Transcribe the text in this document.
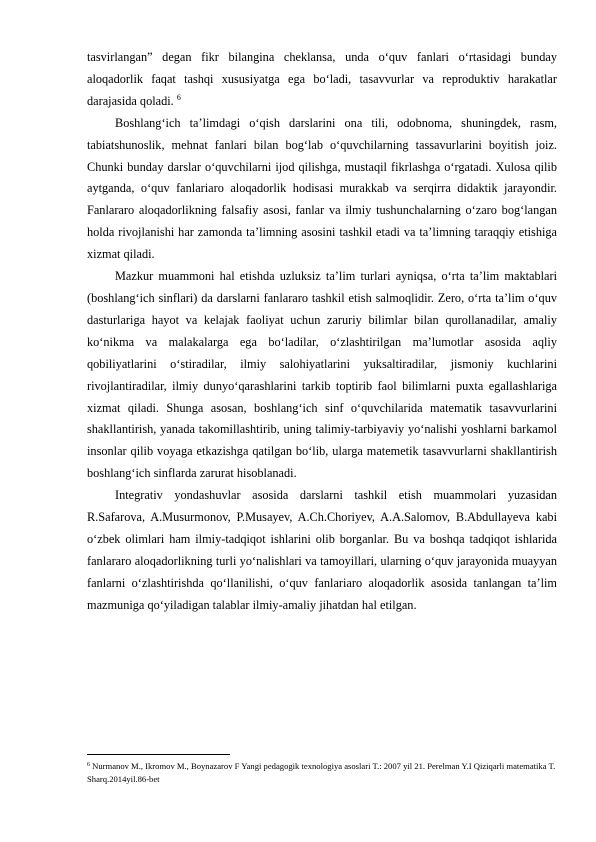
tasvirlangan” degan fikr bilangina cheklansa, unda o‘quv fanlari o‘rtasidagi bunday aloqadorlik faqat tashqi xususiyatga ega bo‘ladi, tasavvurlar va reproduktiv harakatlar darajasida qoladi. $^6$

Boshlang‘ich ta’limdagi o‘qish darslarini ona tili, odobnoma, shuningdek, rasm, tabiatshunoslik, mehnat fanlari bilan bog‘lab o‘quvchilarning tassavurlarini boyitish joiz. Chunki bunday darslar o‘quvchilarni ijod qilishga, mustaqil fikrlashga o‘rgatadi. Xulosa qilib aytganda, o‘quv fanlariaro aloqadorlik hodisasi murakkab va serqirra didaktik jarayondir. Fanlararo aloqadorlikning falsafiy asosi, fanlar va ilmiy tushunchalarning o‘zaro bog‘langan holda rivojlanishi har zamonda ta’limning asosini tashkil etadi va ta’limning taraqqiy etishiga xizmat qiladi.

Mazkur muammoni hal etishda uzluksiz ta’lim turlari ayniqsa, o‘rta ta’lim maktablari (boshlang‘ich sinflari) da darslarni fanlararo tashkil etish salmoqlidir. Zero, o‘rta ta’lim o‘quv dasturlariga hayot va kelajak faoliyat uchun zaruriy bilimlar bilan qurollanadilar, amaliy ko‘nikma va malakalarga ega bo‘ladilar, o‘zlashtirilgan ma’lumotlar asosida aqliy qobiliyatlarini o‘stiradilar, ilmiy salohiyatlarini yuksaltiradilar, jismoniy kuchlarini rivojlantiradilar, ilmiy dunyo‘qarashlarini tarkib toptirib faol bilimlarni puxta egallashlariga xizmat qiladi. Shunga asosan, boshlang‘ich sinf o‘quvchilarida matematik tasavvurlarini shakllantirish, yanada takomillashtirib, uning talimiy-tarbiyaviy yo‘nalishi yoshlarni barkamol insonlar qilib voyaga etkazishga qatilgan bo‘lib, ularga matemetik tasavvurlarni shakllantirish boshlang‘ich sinflarda zarurat hisoblanadi.

Integrativ yondashuvlar asosida darslarni tashkil etish muammolari yuzasidan R.Safarova, A.Musurmonov, P.Musayev, A.Ch.Choriyev, A.A.Salomov, B.Abdullayeva kabi o‘zbek olimlari ham ilmiy-tadqiqot ishlarini olib borganlar. Bu va boshqa tadqiqot ishlarida fanlararo aloqadorlikning turli yo‘nalishlari va tamoyillari, ularning o‘quv jarayonida muayyan fanlarni o‘zlashtirishda qo‘llanilishi, o‘quv fanlariaro aloqadorlik asosida tanlangan ta’lim mazmuniga qo‘yiladigan talablar ilmiy-amaliy jihatdan hal etilgan.

$^6$ Nurmanov M., Ikromov M., Boynazarov F Yangi pedagogik texnologiya asoslari T.: 2007 yil 21. Perelman Y.I Qiziqarli matematika T. Sharq.2014yil.86-bet
